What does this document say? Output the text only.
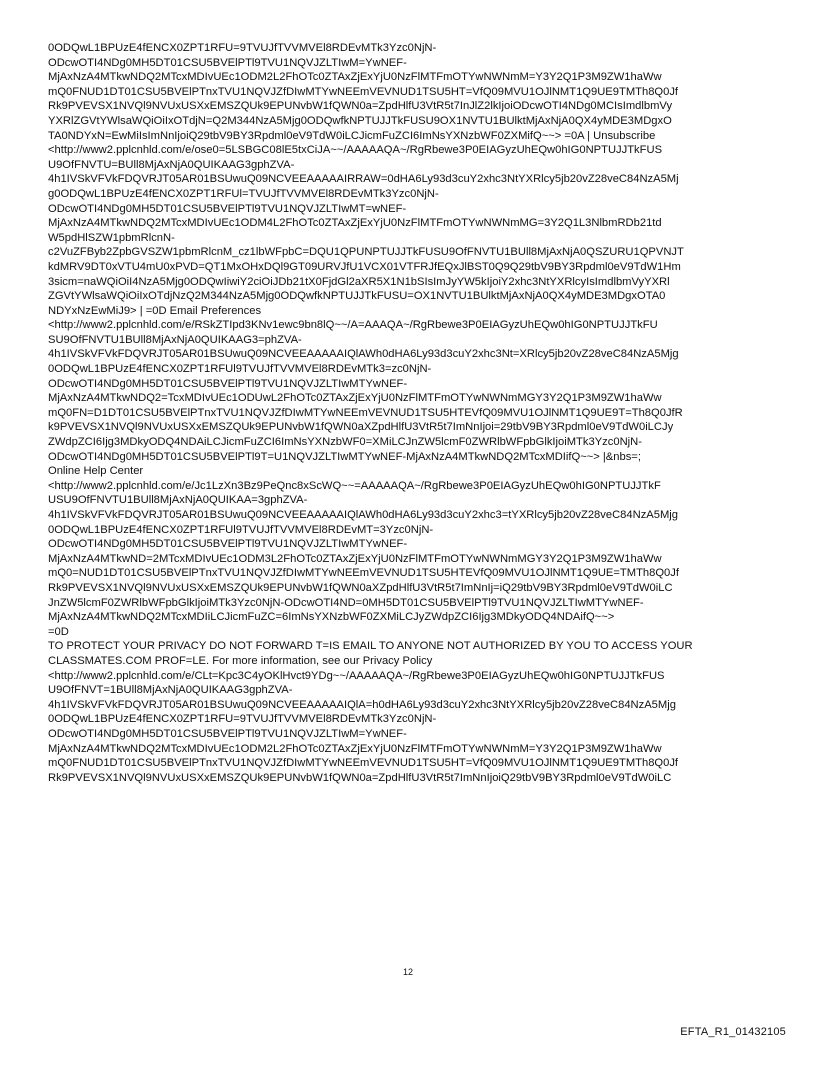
0ODQwL1BPUzE4fENCX0ZPT1RFU=9TVUJfTVVMVEl8RDEvMTk3Yzc0NjN-
ODcwOTI4NDg0MH5DT01CSU5BVElPTl9TVU1NQVJZLTIwM=YwNEF-
MjAxNzA4MTkwNDQ2MTcxMDIvUEc1ODM2L2FhOTc0ZTAxZjExYjU0NzFlMTFmOTYwNWNmM=Y3Y2Q1P3M9ZW1haWw
mQ0FNUD1DT01CSU5BVElPTnxTVU1NQVJZfDIwMTYwNEEmVEVNUD1TSU5HT=VfQ09MVU1OJlNMT1Q9UE9TMTh8Q0Jf
Rk9PVEVSX1NVQl9NVUxUSXxEMSZQUk9EPUNvbW1fQWN0a=ZpdHlfU3VtR5t7InJlZ2lkIjoiODcwOTI4NDg0MCIsImdlbmVy
YXRlZGVtYWlsaWQiOiIxOTdjN=Q2M344NzA5Mjg0ODQwfkNPTUJJTkFUSU9OX1NVTU1BUlktMjAxNjA0QX4yMDE3MDgxO
TA0NDYxN=EwMiIsImNnIjoiQ29tbV9BY3Rpdml0eV9TdW0iLCJicmFuZCI6ImNsYXNzbWF0ZXMifQ~~> =0A | Unsubscribe
<http://www2.pplcnhld.com/e/ose0=5LSBGC08lE5txCiJA~~/AAAAAQA~/RgRbewe3P0EIAGyzUhEQw0hIG0NPTUJJTkFUS
U9OfFNVTU=BUll8MjAxNjA0QUIKAAG3gphZVA-
4h1IVSkVFVkFDQVRJT05AR01BSUwuQ09NCVEEAAAAAIRRAW=0dHA6Ly93d3cuY2xhc3NtYXRlcy5jb20vZ28veC84NzA5Mj
g0ODQwL1BPUzE4fENCX0ZPT1RFUl=TVUJfTVVMVEl8RDEvMTk3Yzc0NjN-
ODcwOTI4NDg0MH5DT01CSU5BVElPTl9TVU1NQVJZLTIwMT=wNEF-
MjAxNzA4MTkwNDQ2MTcxMDIvUEc1ODM4L2FhOTc0ZTAxZjExYjU0NzFlMTFmOTYwNWNmMG=3Y2Q1L3NlbmRDb21td
W5pdHlSZW1pbmRlcnN-
c2VuZFByb2ZpbGVSZW1pbmRlcnM_cz1lbWFpbC=DQU1QPUNPTUJJTkFUSU9OfFNVTU1BUll8MjAxNjA0QSZURU1QPVNJT
kdMRV9DT0xVTU4mU0xPVD=QT1MxOHxDQl9GT09URVJfU1VCX01VTFRJfEQxJlBST0Q9Q29tbV9BY3Rpdml0eV9TdW1Hm
3sicm=naWQiOiI4NzA5Mjg0ODQwIiwiY2ciOiJDb21tX0FjdGl2aXR5X1N1bSIsImJyYW5kIjoiY2xhc3NtYXRlcyIsImdlbmVyYXRl
ZGVtYWlsaWQiOiIxOTdjNzQ2M344NzA5Mjg0ODQwfkNPTUJJTkFUSU=OX1NVTU1BUlktMjAxNjA0QX4yMDE3MDgxOTA0
NDYxNzEwMiJ9> | =0D Email Preferences
<http://www2.pplcnhld.com/e/RSkZTIpd3KNv1ewc9bn8lQ~~/A=AAAQA~/RgRbewe3P0EIAGyzUhEQw0hIG0NPTUJJTkFU
SU9OfFNVTU1BUll8MjAxNjA0QUIKAAG3=phZVA-
4h1IVSkVFVkFDQVRJT05AR01BSUwuQ09NCVEEAAAAAIQlAWh0dHA6Ly93d3cuY2xhc3Nt=XRlcy5jb20vZ28veC84NzA5Mjg
0ODQwL1BPUzE4fENCX0ZPT1RFUl9TVUJfTVVMVEl8RDEvMTk3=zc0NjN-
ODcwOTI4NDg0MH5DT01CSU5BVElPTl9TVU1NQVJZLTIwMTYwNEF-
MjAxNzA4MTkwNDQ2=TcxMDIvUEc1ODUwL2FhOTc0ZTAxZjExYjU0NzFlMTFmOTYwNWNmMGY3Y2Q1P3M9ZW1haWw
mQ0FN=D1DT01CSU5BVElPTnxTVU1NQVJZfDIwMTYwNEEmVEVNUD1TSU5HTEVfQ09MVU1OJlNMT1Q9UE9T=Th8Q0JfR
k9PVEVSX1NVQl9NVUxUSXxEMSZQUk9EPUNvbW1fQWN0aXZpdHlfU3VtR5t7ImNnIjoi=29tbV9BY3Rpdml0eV9TdW0iLCJy
ZWdpZCI6Ijg3MDkyODQ4NDAiLCJicmFuZCI6ImNsYXNzbWF0=XMiLCJnZW5lcmF0ZWRlbWFpbGlkIjoiMTk3Yzc0NjN-
ODcwOTI4NDg0MH5DT01CSU5BVElPTl9T=U1NQVJZLTIwMTYwNEF-MjAxNzA4MTkwNDQ2MTcxMDIifQ~~> |&nbs=;
Online Help Center
<http://www2.pplcnhld.com/e/Jc1LzXn3Bz9PeQnc8xScWQ~~=AAAAAQA~/RgRbewe3P0EIAGyzUhEQw0hIG0NPTUJJTkF
USU9OfFNVTU1BUll8MjAxNjA0QUIKAA=3gphZVA-
4h1IVSkVFVkFDQVRJT05AR01BSUwuQ09NCVEEAAAAAIQlAWh0dHA6Ly93d3cuY2xhc3=tYXRlcy5jb20vZ28veC84NzA5Mjg
0ODQwL1BPUzE4fENCX0ZPT1RFUl9TVUJfTVVMVEl8RDEvMT=3Yzc0NjN-
ODcwOTI4NDg0MH5DT01CSU5BVElPTl9TVU1NQVJZLTIwMTYwNEF-
MjAxNzA4MTkwND=2MTcxMDIvUEc1ODM3L2FhOTc0ZTAxZjExYjU0NzFlMTFmOTYwNWNmMGY3Y2Q1P3M9ZW1haWw
mQ0=NUD1DT01CSU5BVElPTnxTVU1NQVJZfDIwMTYwNEEmVEVNUD1TSU5HTEVfQ09MVU1OJlNMT1Q9UE=TMTh8Q0Jf
Rk9PVEVSX1NVQl9NVUxUSXxEMSZQUk9EPUNvbW1fQWN0aXZpdHlfU3VtR5t7ImNnIj=iQ29tbV9BY3Rpdml0eV9TdW0iLC
JnZW5lcmF0ZWRlbWFpbGlkIjoiMTk3Yzc0NjN-ODcwOTI4ND=0MH5DT01CSU5BVElPTl9TVU1NQVJZLTIwMTYwNEF-
MjAxNzA4MTkwNDQ2MTcxMDIiLCJicmFuZC=6ImNsYXNzbWF0ZXMiLCJyZWdpZCI6Ijg3MDkyODQ4NDAifQ~~>
=0D
TO PROTECT YOUR PRIVACY DO NOT FORWARD T=IS EMAIL TO ANYONE NOT AUTHORIZED BY YOU TO ACCESS YOUR
CLASSMATES.COM PROF=LE. For more information, see our Privacy Policy
<http://www2.pplcnhld.com/e/CLt=Kpc3C4yOKlHvct9YDg~~/AAAAAQA~/RgRbewe3P0EIAGyzUhEQw0hIG0NPTUJJTkFUS
U9OfFNVT=1BUll8MjAxNjA0QUIKAAG3gphZVA-
4h1IVSkVFVkFDQVRJT05AR01BSUwuQ09NCVEEAAAAAIQlA=h0dHA6Ly93d3cuY2xhc3NtYXRlcy5jb20vZ28veC84NzA5Mjg
0ODQwL1BPUzE4fENCX0ZPT1RFU=9TVUJfTVVMVEl8RDEvMTk3Yzc0NjN-
ODcwOTI4NDg0MH5DT01CSU5BVElPTl9TVU1NQVJZLTIwM=YwNEF-
MjAxNzA4MTkwNDQ2MTcxMDIvUEc1ODM2L2FhOTc0ZTAxZjExYjU0NzFlMTFmOTYwNWNmM=Y3Y2Q1P3M9ZW1haWw
mQ0FNUD1DT01CSU5BVElPTnxTVU1NQVJZfDIwMTYwNEEmVEVNUD1TSU5HT=VfQ09MVU1OJlNMT1Q9UE9TMTh8Q0Jf
Rk9PVEVSX1NVQl9NVUxUSXxEMSZQUk9EPUNvbW1fQWN0a=ZpdHlfU3VtR5t7ImNnIjoiQ29tbV9BY3Rpdml0eV9TdW0iLC
12
EFTA_R1_01432105
